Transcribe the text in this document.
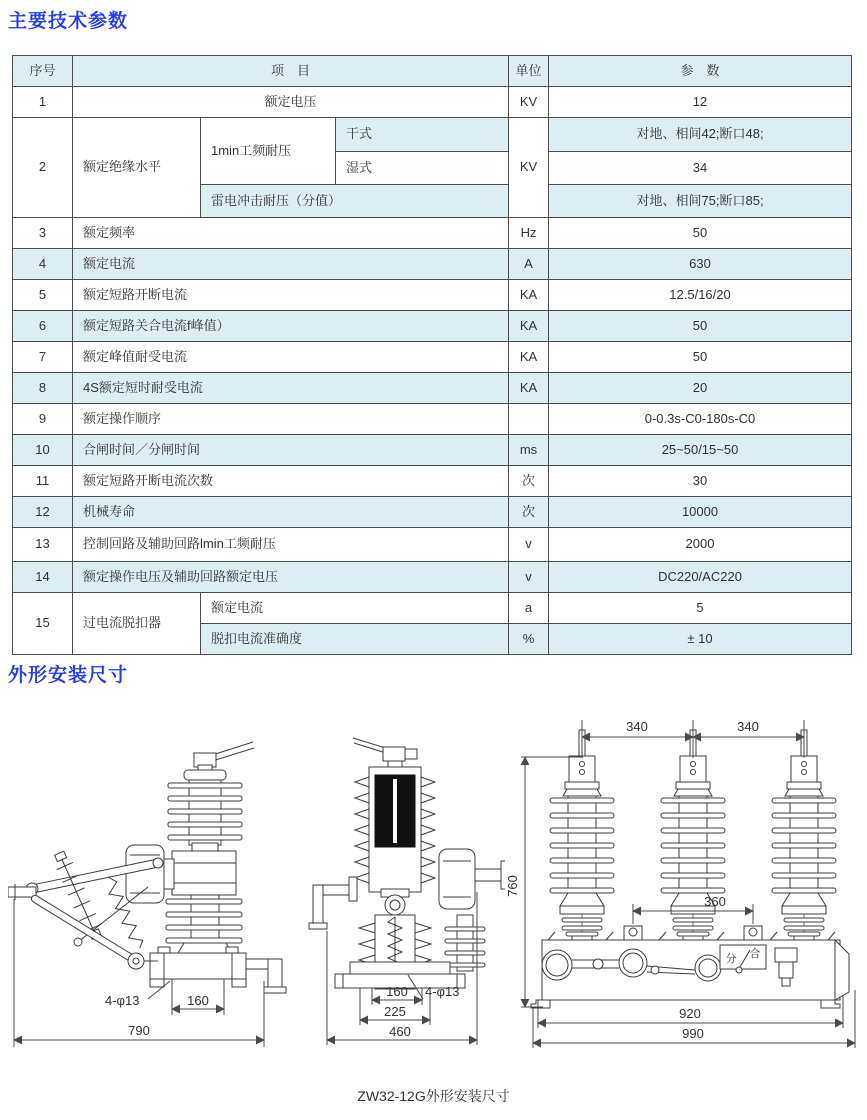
主要技术参数
序号	项　目			单位	参　数
1	额定电压			KV	12
2	额定绝缘水平	1min工频耐压	干式	KV	对地、相间42;断口48;
			湿式		34
		雷电冲击耐压（分值）			对地、相间75;断口85;
3	额定频率			Hz	50
4	额定电流			A	630
5	额定短路开断电流			KA	12.5/16/20
6	额定短路关合电流f峰值）			KA	50
7	额定峰值耐受电流			KA	50
8	4S额定短时耐受电流			KA	20
9	额定操作顺序				0-0.3s-C0-180s-C0
10	合闸时间／分闸时间			ms	25~50/15~50
11	额定短路开断电流次数			次	30
12	机械寿命			次	10000
13	控制回路及辅助回路lmin工频耐压			v	2000
14	额定操作电压及辅助回路额定电压			v	DC220/AC220
15	过电流脱扣器	额定电流		a	5
		脱扣电流准确度		%	± 10
外形安装尺寸
160
4-φ13
790
160 4-φ13
225
460
340	340
760
360
分 合
920
990
ZW32-12G外形安装尺寸
